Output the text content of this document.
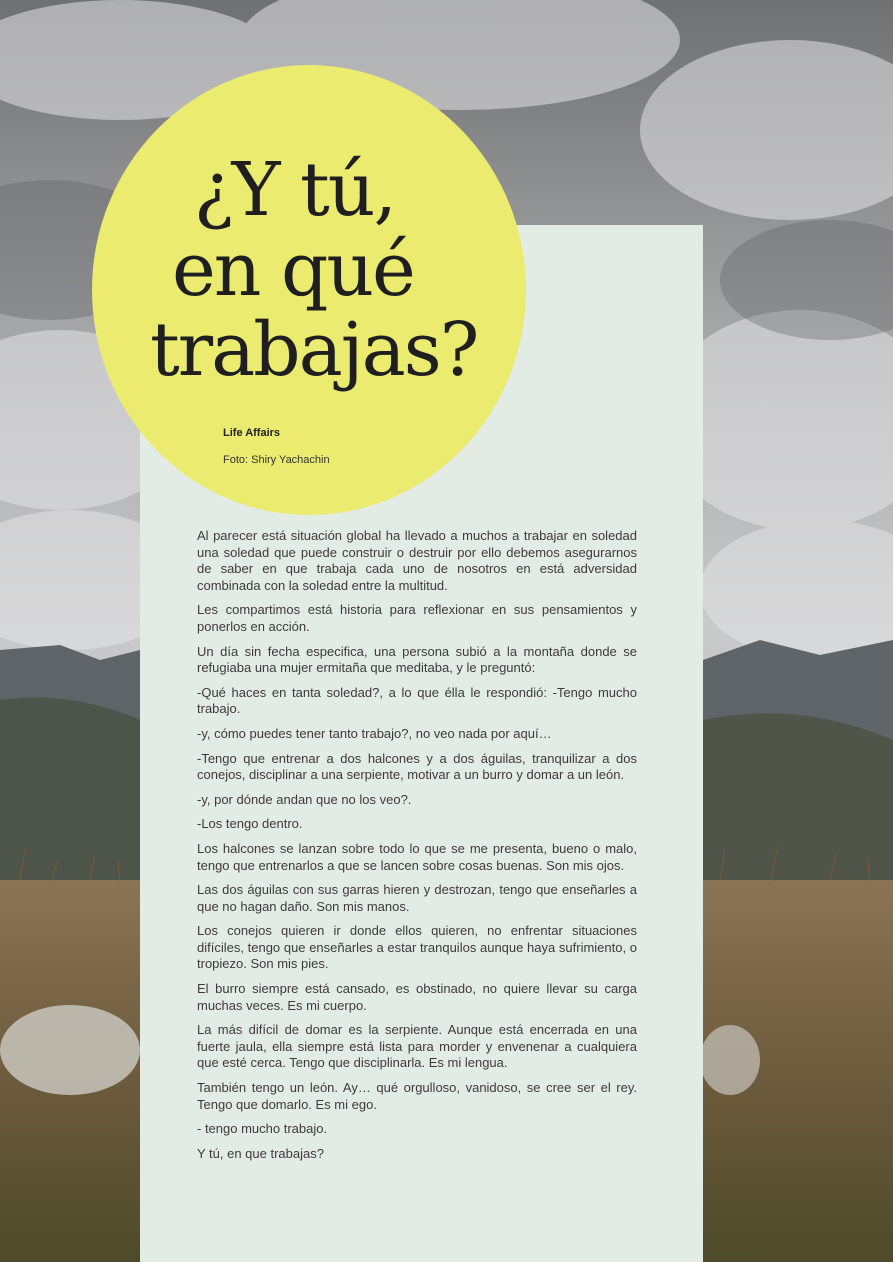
¿Y tú,
en qué
trabajas?
Life Affairs
Foto: Shiry Yachachin

Al parecer está situación global ha llevado a muchos a trabajar en soledad una soledad que puede construir o destruir por ello debemos asegurarnos de saber en que trabaja cada uno de nosotros en está adversidad combinada con la soledad entre la multitud.

Les compartimos está historia para reflexionar en sus pensamientos y ponerlos en acción.

Un día sin fecha especifica, una persona subió a la montaña donde se refugiaba una mujer ermitaña que meditaba, y le preguntó:

-Qué haces en tanta soledad?, a lo que élla le respondió: -Tengo mucho trabajo.

-y, cómo puedes tener tanto trabajo?, no veo nada por aquí…

-Tengo que entrenar a dos halcones y a dos águilas, tranquilizar a dos conejos, disciplinar a una serpiente, motivar a un burro y domar a un león.

-y, por dónde andan que no los veo?.

-Los tengo dentro.

Los halcones se lanzan sobre todo lo que se me presenta, bueno o malo, tengo que entrenarlos a que se lancen sobre cosas buenas. Son mis ojos.

Las dos águilas con sus garras hieren y destrozan, tengo que enseñarles a que no hagan daño. Son mis manos.

Los conejos quieren ir donde ellos quieren, no enfrentar situaciones difíciles, tengo que enseñarles a estar tranquilos aunque haya sufrimiento, o tropiezo. Son mis pies.

El burro siempre está cansado, es obstinado, no quiere llevar su carga muchas veces. Es mi cuerpo.

La más difícil de domar es la serpiente. Aunque está encerrada en una fuerte jaula, ella siempre está lista para morder y envenenar a cualquiera que esté cerca. Tengo que disciplinarla. Es mi lengua.

También tengo un león. Ay… qué orgulloso, vanidoso, se cree ser el rey. Tengo que domarlo. Es mi ego.

- tengo mucho trabajo.

Y tú, en que trabajas?
